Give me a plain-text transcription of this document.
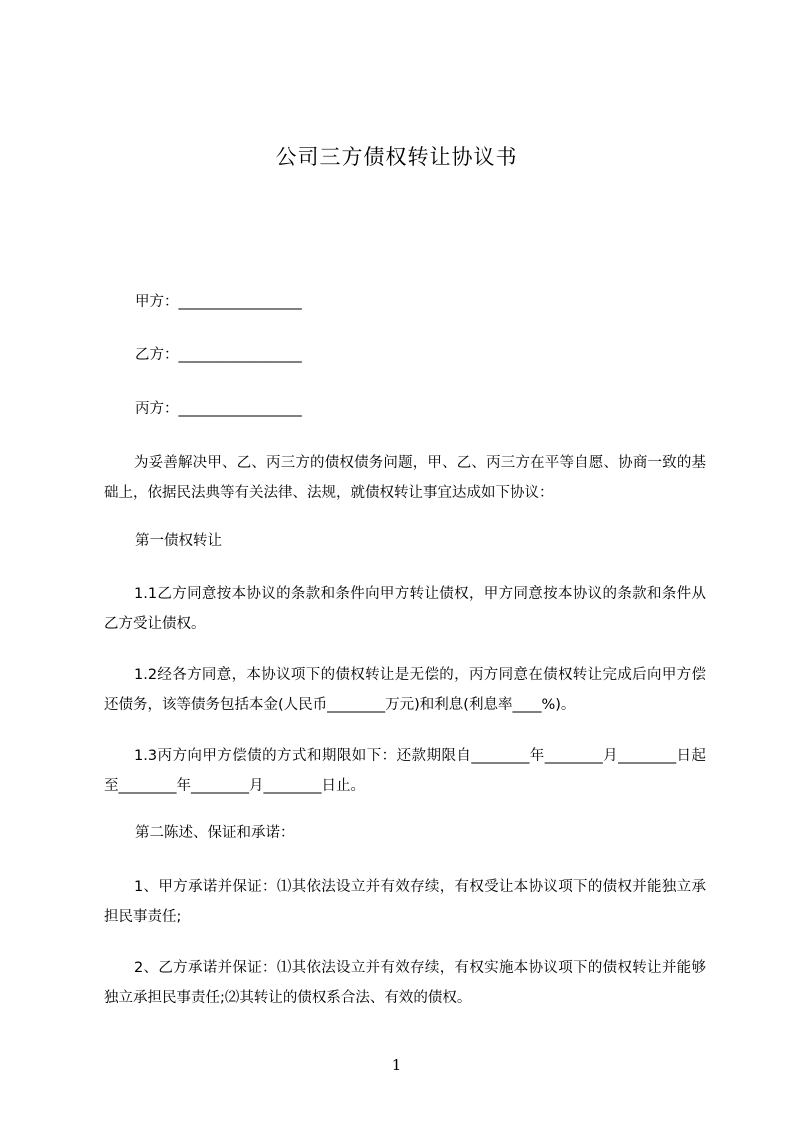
公司三方债权转让协议书
甲方：_________________
乙方：_________________
丙方：_________________
为妥善解决甲、乙、丙三方的债权债务问题，甲、乙、丙三方在平等自愿、协商一致的基础上，依据民法典等有关法律、法规，就债权转让事宜达成如下协议：
第一债权转让
1.1乙方同意按本协议的条款和条件向甲方转让债权，甲方同意按本协议的条款和条件从乙方受让债权。
1.2经各方同意，本协议项下的债权转让是无偿的，丙方同意在债权转让完成后向甲方偿还债务，该等债务包括本金(人民币________万元)和利息(利息率____%)。
1.3丙方向甲方偿债的方式和期限如下：还款期限自________年________月________日起至________年________月________日止。
第二陈述、保证和承诺：
1、甲方承诺并保证：⑴其依法设立并有效存续，有权受让本协议项下的债权并能独立承担民事责任;
2、乙方承诺并保证：⑴其依法设立并有效存续，有权实施本协议项下的债权转让并能够独立承担民事责任;⑵其转让的债权系合法、有效的债权。
1
